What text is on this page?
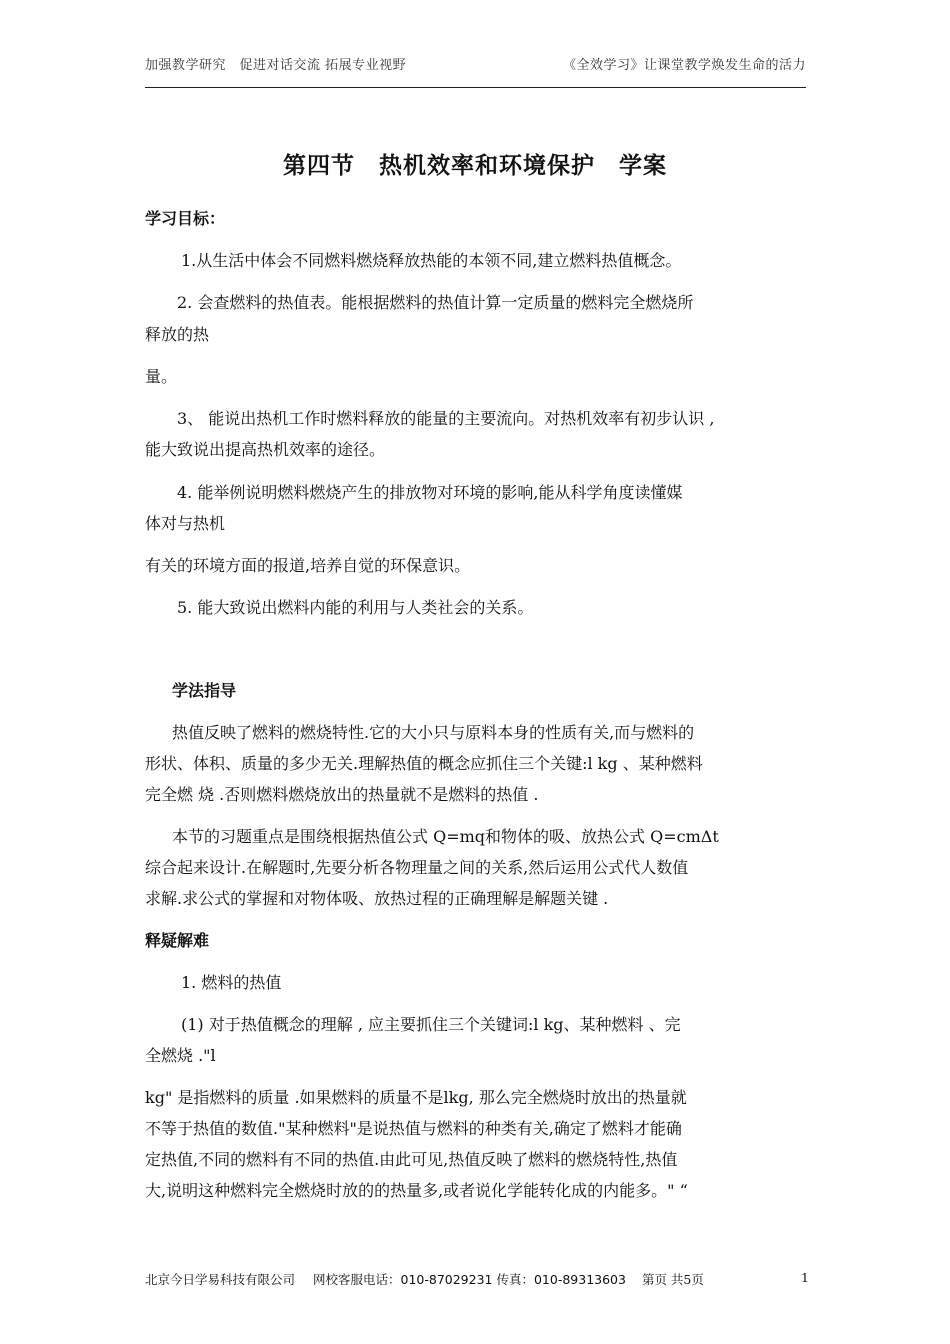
加强教学研究　促进对话交流 拓展专业视野	《全效学习》让课堂教学焕发生命的活力
第四节　热机效率和环境保护　学案
学习目标：
1.从生活中体会不同燃料燃烧释放热能的本领不同,建立燃料热值概念。
2. 会查燃料的热值表。能根据燃料的热值计算一定质量的燃料完全燃烧所
释放的热
量。
3、 能说出热机工作时燃料释放的能量的主要流向。对热机效率有初步认识 ,
能大致说出提高热机效率的途径。
4. 能举例说明燃料燃烧产生的排放物对环境的影响,能从科学角度读懂媒
体对与热机
有关的环境方面的报道,培养自觉的环保意识。
5. 能大致说出燃料内能的利用与人类社会的关系。
学法指导
热值反映了燃料的燃烧特性.它的大小只与原料本身的性质有关,而与燃料的
形状、体积、质量的多少无关.理解热值的概念应抓住三个关键:l kg 、某种燃料
完全燃 烧 .否则燃料燃烧放出的热量就不是燃料的热值 .
本节的习题重点是围绕根据热值公式 Q=mq和物体的吸、放热公式 Q=cmΔt
综合起来设计.在解题时,先要分析各物理量之间的关系,然后运用公式代人数值
求解.求公式的掌握和对物体吸、放热过程的正确理解是解题关键 .
释疑解难
1. 燃料的热值
(1) 对于热值概念的理解 , 应主要抓住三个关键词:l kg、某种燃料 、完
全燃烧 ."l
kg" 是指燃料的质量 .如果燃料的质量不是lkg, 那么完全燃烧时放出的热量就
不等于热值的数值."某种燃料"是说热值与燃料的种类有关,确定了燃料才能确
定热值,不同的燃料有不同的热值.由此可见,热值反映了燃料的燃烧特性,热值
大,说明这种燃料完全燃烧时放的的热量多,或者说化学能转化成的内能多。" “
北京今日学易科技有限公司 网校客服电话：010-87029231 传真：010-89313603 第页 共5页	1
